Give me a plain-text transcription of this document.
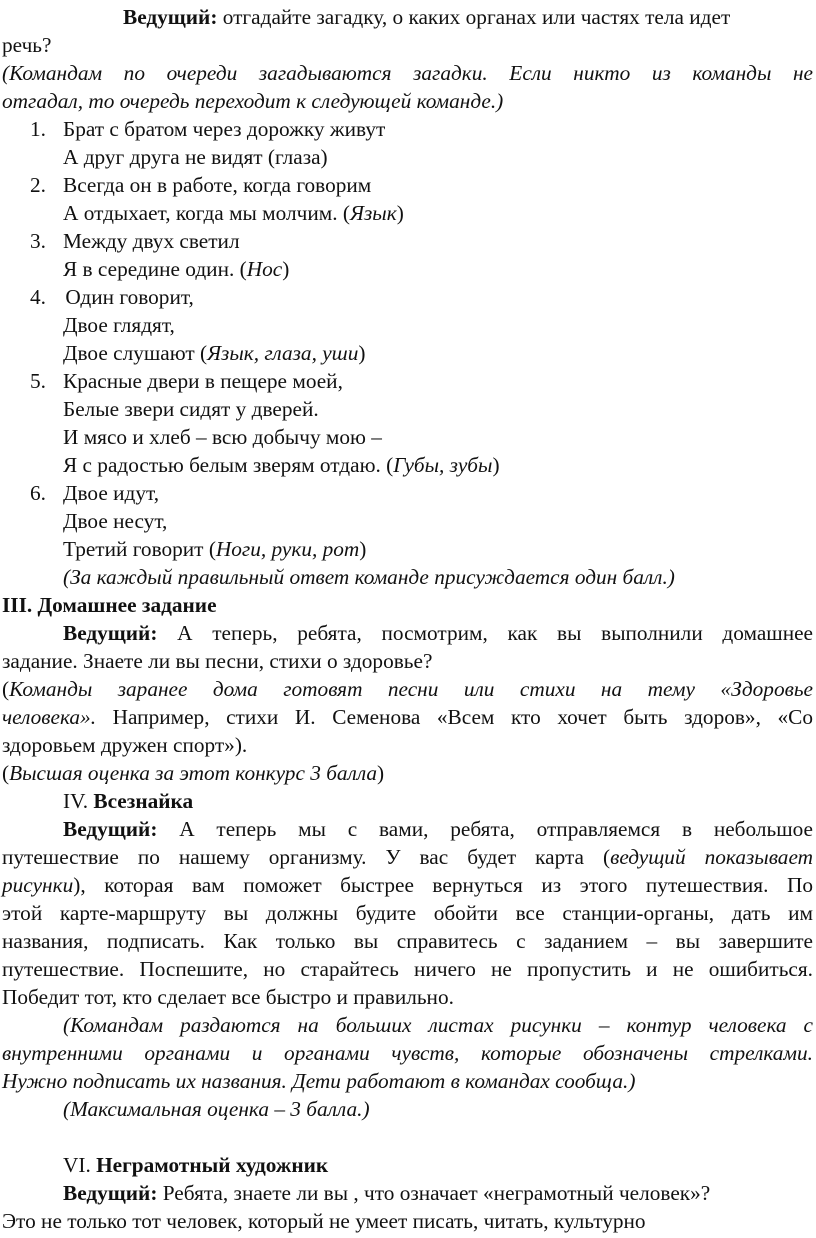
Ведущий: отгадайте загадку, о каких органах или частях тела идет
речь?
(Командам по очереди загадываются загадки. Если никто из команды не
отгадал, то очередь переходит к следующей команде.)
1. Брат с братом через дорожку живут
А друг друга не видят (глаза)
2. Всегда он в работе, когда говорим
А отдыхает, когда мы молчим. (Язык)
3. Между двух светил
Я в середине один. (Нос)
4. Один говорит,
Двое глядят,
Двое слушают (Язык, глаза, уши)
5. Красные двери в пещере моей,
Белые звери сидят у дверей.
И мясо и хлеб – всю добычу мою –
Я с радостью белым зверям отдаю. (Губы, зубы)
6. Двое идут,
Двое несут,
Третий говорит (Ноги, руки, рот)
(За каждый правильный ответ команде присуждается один балл.)
III. Домашнее задание
Ведущий: А теперь, ребята, посмотрим, как вы выполнили домашнее
задание. Знаете ли вы песни, стихи о здоровье?
(Команды заранее дома готовят песни или стихи на тему «Здоровье
человека». Например, стихи И. Семенова «Всем кто хочет быть здоров», «Со
здоровьем дружен спорт»).
(Высшая оценка за этот конкурс 3 балла)
IV. Всезнайка
Ведущий: А теперь мы с вами, ребята, отправляемся в небольшое
путешествие по нашему организму. У вас будет карта (ведущий показывает
рисунки), которая вам поможет быстрее вернуться из этого путешествия. По
этой карте-маршруту вы должны будите обойти все станции-органы, дать им
названия, подписать. Как только вы справитесь с заданием – вы завершите
путешествие. Поспешите, но старайтесь ничего не пропустить и не ошибиться.
Победит тот, кто сделает все быстро и правильно.
(Командам раздаются на больших листах рисунки – контур человека с
внутренними органами и органами чувств, которые обозначены стрелками.
Нужно подписать их названия. Дети работают в командах сообща.)
(Максимальная оценка – 3 балла.)
VI. Неграмотный художник
Ведущий: Ребята, знаете ли вы , что означает «неграмотный человек»?
Это не только тот человек, который не умеет писать, читать, культурно
